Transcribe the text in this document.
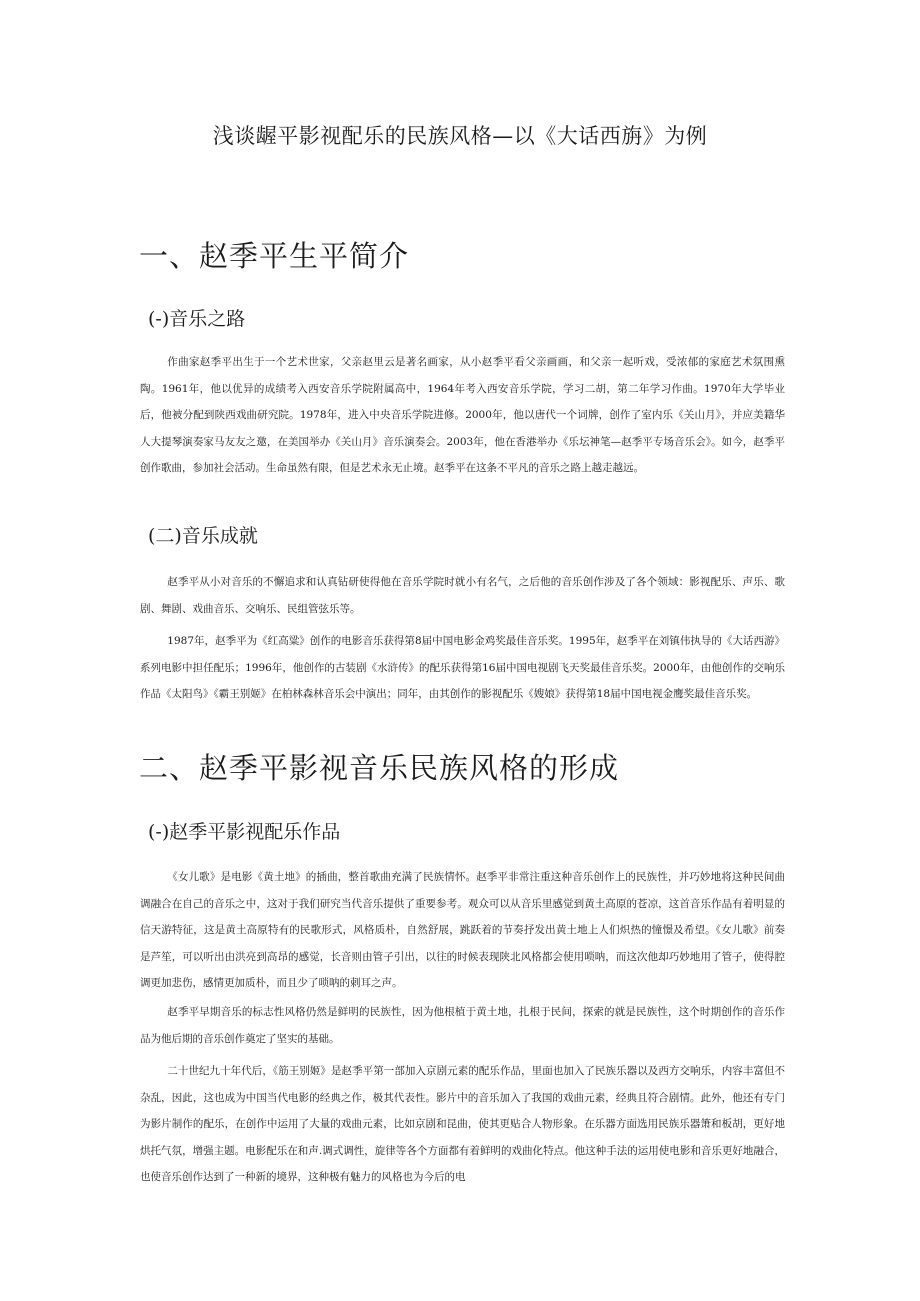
浅谈龌平影视配乐的民族风格—以《大话西旃》为例
一、赵季平生平简介
(-)音乐之路

作曲家赵季平出生于一个艺术世家，父亲赵里云是著名画家，从小赵季平看父亲画画，和父亲一起听戏，受浓郁的家庭艺术氛围熏陶。1961年，他以优异的成绩考入西安音乐学院附属高中，1964年考入西安音乐学院，学习二胡，第二年学习作曲。1970年大学毕业后，他被分配到陕西戏曲研究院。1978年，进入中央音乐学院进修。2000年，他以唐代一个词牌，创作了室内乐《关山月》，并应美籍华人大提琴演奏家马友友之邀，在美国举办《关山月》音乐演奏会。2003年，他在香港举办《乐坛神笔—赵季平专场音乐会》。如今，赵季平创作歌曲，参加社会活动。生命虽然有限，但是艺术永无止境。赵季平在这条不平凡的音乐之路上越走越远。

(二)音乐成就

赵季平从小对音乐的不懈追求和认真钻研使得他在音乐学院时就小有名气，之后他的音乐创作涉及了各个领域：影视配乐、声乐、歌剧、舞剧、戏曲音乐、交响乐、民组管弦乐等。

1987年，赵季平为《红高粱》创作的电影音乐获得第8届中国电影金鸡奖最佳音乐奖。1995年，赵季平在刘镇伟执导的《大话西游》系列电影中担任配乐；1996年，他创作的古装剧《水浒传》的配乐获得第16届中国电视剧飞天奖最佳音乐奖。2000年，由他创作的交响乐作品《太阳鸟》《霸王别姬》在柏林森林音乐会中演出；同年，由其创作的影视配乐《嫂娘》获得第18届中国电视金鹰奖最佳音乐奖。

二、赵季平影视音乐民族风格的形成
(-)赵季平影视配乐作品

《女儿歌》是电影《黄土地》的插曲，整首歌曲充满了民族情怀。赵季平非常注重这种音乐创作上的民族性，并巧妙地将这种民间曲调融合在自己的音乐之中，这对于我们研究当代音乐提供了重要参考。观众可以从音乐里感觉到黄土高原的苍凉，这首音乐作品有着明显的信天游特征，这是黄土高原特有的民歌形式，风格质朴，自然舒展，跳跃着的节奏抒发出黄土地上人们炽热的憧憬及希望。《女儿歌》前奏是芦笙，可以听出由洪亮到高昂的感觉，长音则由管子引出，以往的时候表现陕北风格都会使用唢呐，而这次他却巧妙地用了管子，使得腔调更加悲伤，感情更加质朴，而且少了唢呐的刺耳之声。

赵季平早期音乐的标志性风格仍然是鲜明的民族性，因为他根植于黄土地，扎根于民间，探索的就是民族性，这个时期创作的音乐作品为他后期的音乐创作奠定了坚实的基础。

二十世纪九十年代后，《筋王别姬》是赵季平第一部加入京剧元素的配乐作品，里面也加入了民族乐器以及西方交响乐，内容丰富但不杂乱，因此，这也成为中国当代电影的经典之作，极其代表性。影片中的音乐加入了我国的戏曲元素，经典且符合剧情。此外，他还有专门为影片制作的配乐，在创作中运用了大量的戏曲元素，比如京剧和昆曲，使其更贴合人物形象。在乐器方面选用民族乐器箫和板胡，更好地烘托气氛，增强主题。电影配乐在和声.调式调性，旋律等各个方面都有着鲜明的戏曲化特点。他这种手法的运用使电影和音乐更好地融合，也使音乐创作达到了一种新的境界，这种极有魅力的风格也为今后的电
